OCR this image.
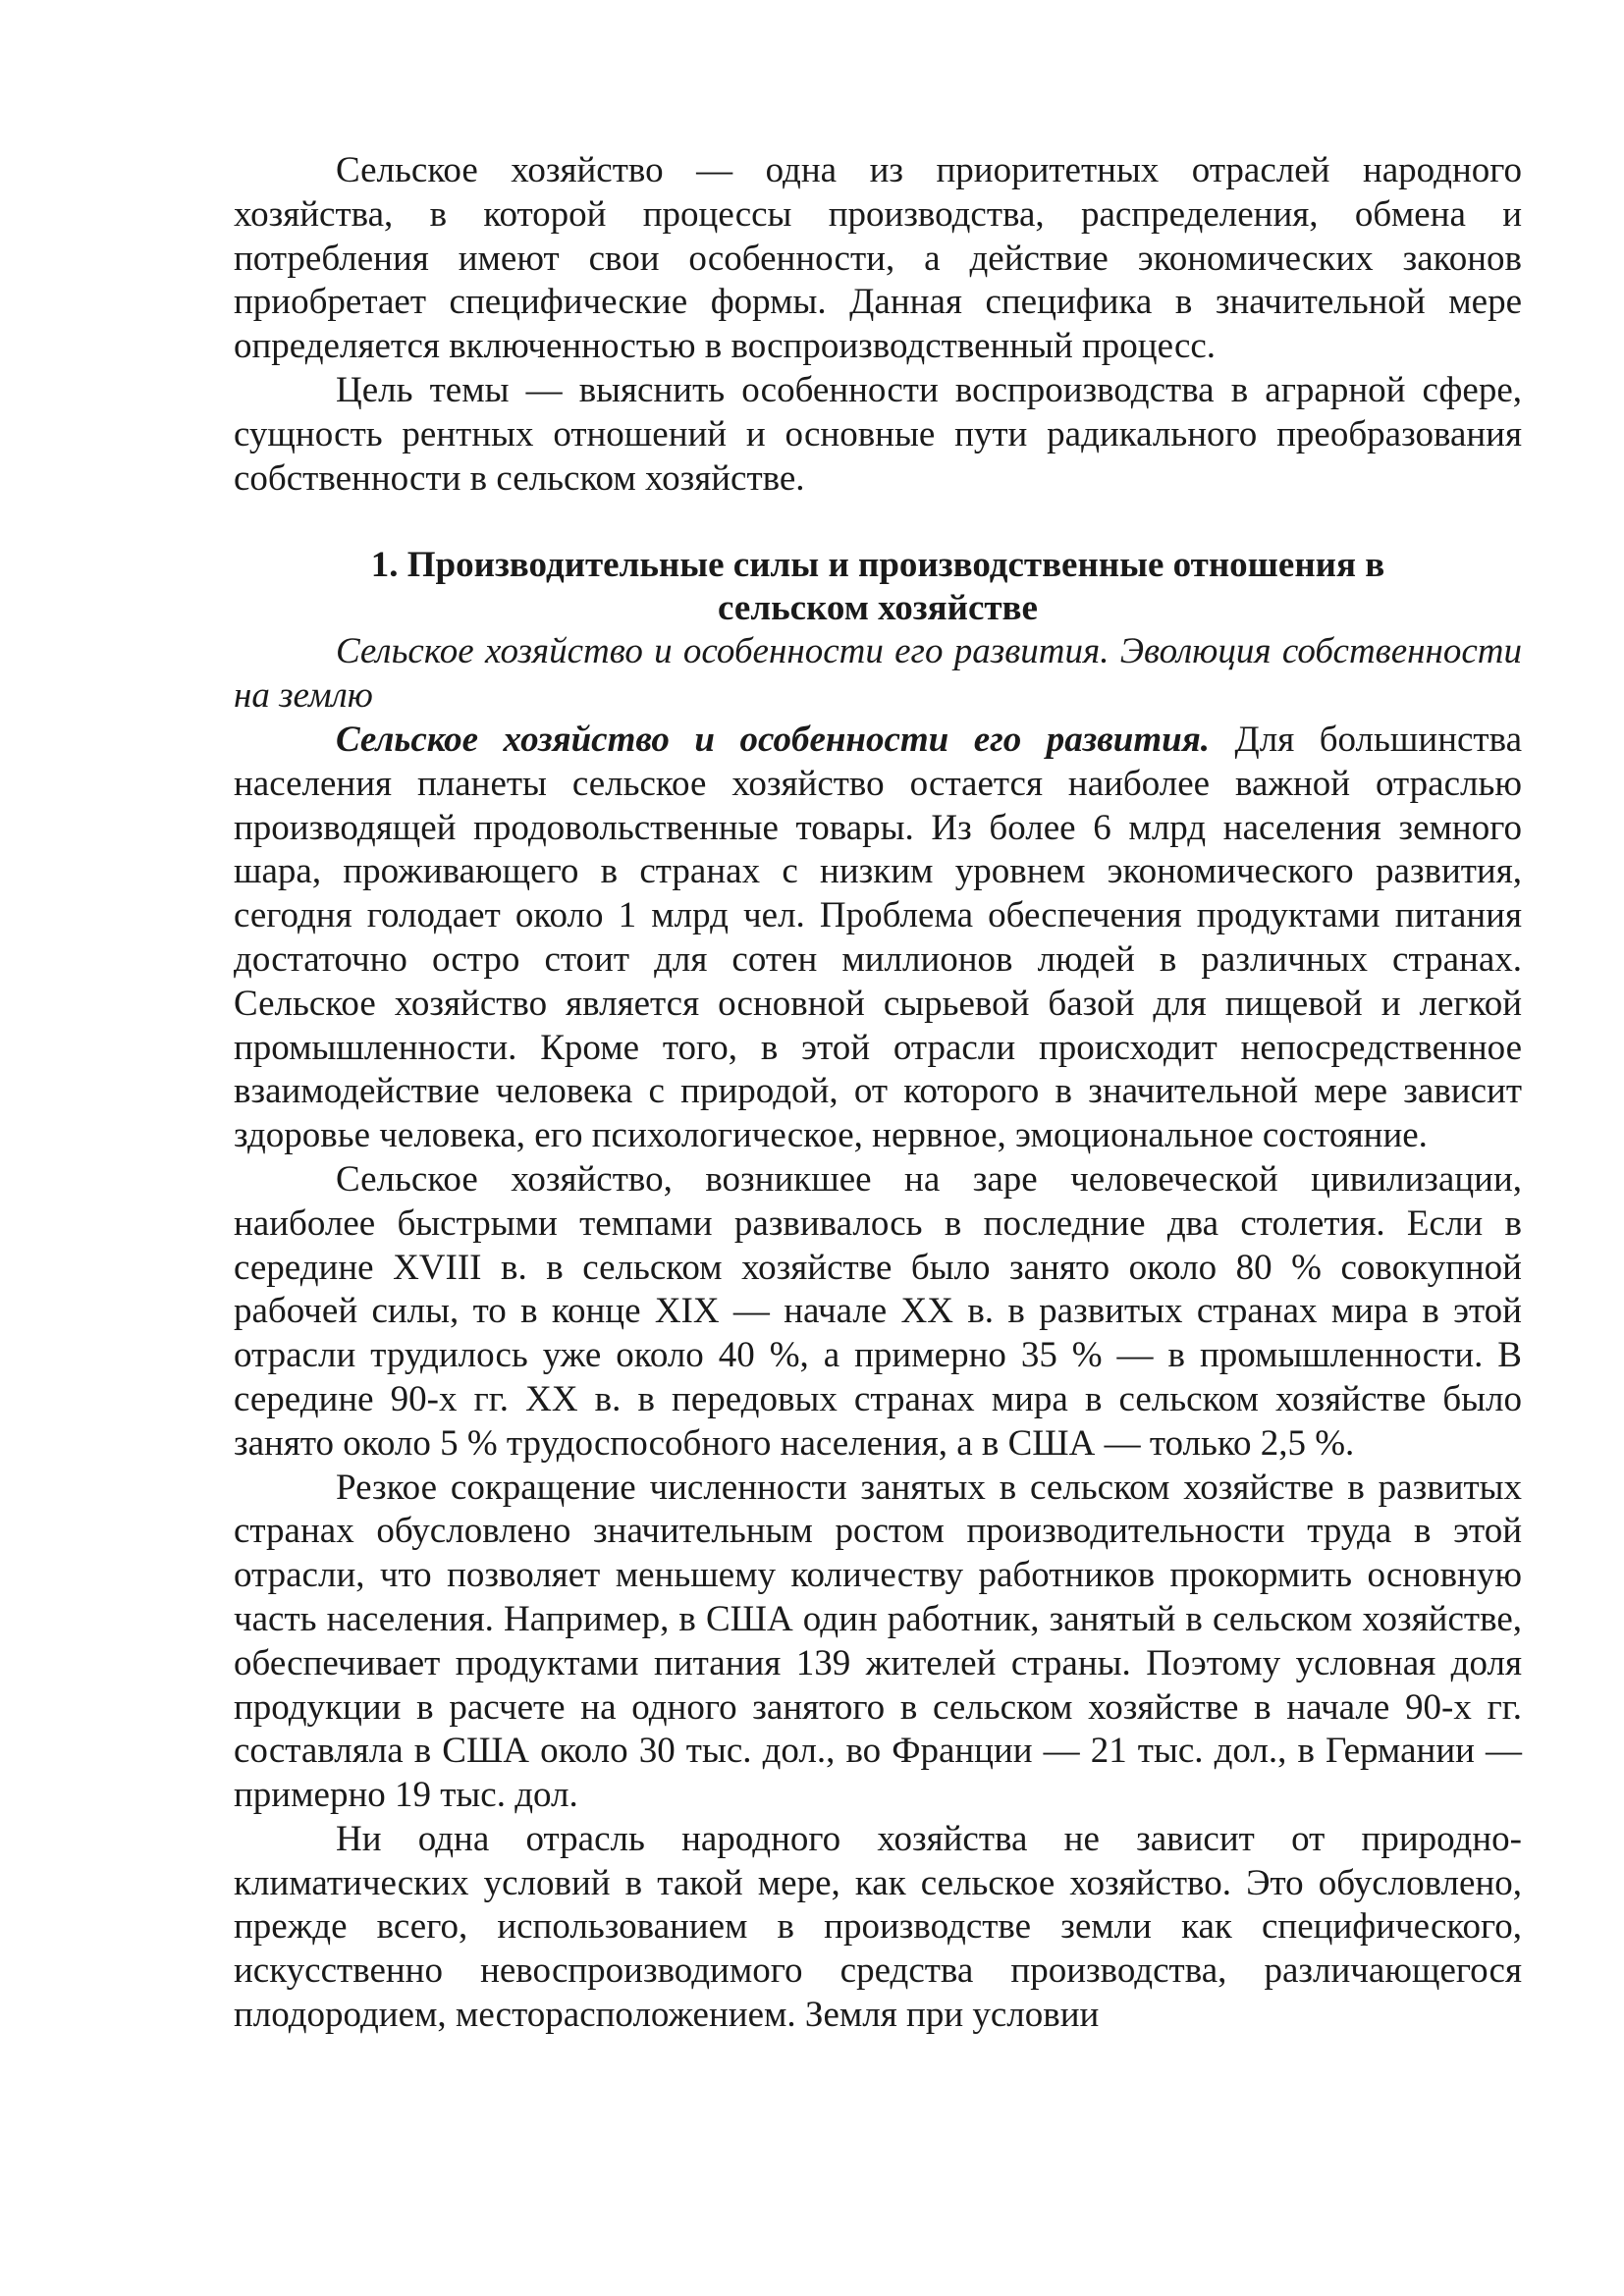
Сельское хозяйство — одна из приоритетных отраслей народного хозяйства, в которой процессы производства, распределения, обмена и потребления имеют свои особенности, а действие экономических законов приобретает специфические формы. Данная специфика в значительной мере определяется включенностью в воспроизводственный процесс.

Цель темы — выяснить особенности воспроизводства в аграрной сфере, сущность рентных отношений и основные пути радикального преобразования собственности в сельском хозяйстве.

1. Производительные силы и производственные отношения в сельском хозяйстве

Сельское хозяйство и особенности его развития. Эволюция собственности на землю

Сельское хозяйство и особенности его развития. Для большинства населения планеты сельское хозяйство остается наиболее важной отраслью производящей продовольственные товары. Из более 6 млрд населения земного шара, проживающего в странах с низким уровнем экономического развития, сегодня голодает около 1 млрд чел. Проблема обеспечения продуктами питания достаточно остро стоит для сотен миллионов людей в различных странах. Сельское хозяйство является основной сырьевой базой для пищевой и легкой промышленности. Кроме того, в этой отрасли происходит непосредственное взаимодействие человека с природой, от которого в значительной мере зависит здоровье человека, его психологическое, нервное, эмоциональное состояние.

Сельское хозяйство, возникшее на заре человеческой цивилизации, наиболее быстрыми темпами развивалось в последние два столетия. Если в середине XVIII в. в сельском хозяйстве было занято около 80 % совокупной рабочей силы, то в конце XIX — начале XX в. в развитых странах мира в этой отрасли трудилось уже около 40 %, а примерно 35 % — в промышленности. В середине 90-х гг. XX в. в передовых странах мира в сельском хозяйстве было занято около 5 % трудоспособного населения, а в США — только 2,5 %.

Резкое сокращение численности занятых в сельском хозяйстве в развитых странах обусловлено значительным ростом производительности труда в этой отрасли, что позволяет меньшему количеству работников прокормить основную часть населения. Например, в США один работник, занятый в сельском хозяйстве, обеспечивает продуктами питания 139 жителей страны. Поэтому условная доля продукции в расчете на одного занятого в сельском хозяйстве в начале 90-х гг. составляла в США около 30 тыс. дол., во Франции — 21 тыс. дол., в Германии — примерно 19 тыс. дол.

Ни одна отрасль народного хозяйства не зависит от природно-климатических условий в такой мере, как сельское хозяйство. Это обусловлено, прежде всего, использованием в производстве земли как специфического, искусственно невоспроизводимого средства производства, различающегося плодородием, месторасположением. Земля при условии
